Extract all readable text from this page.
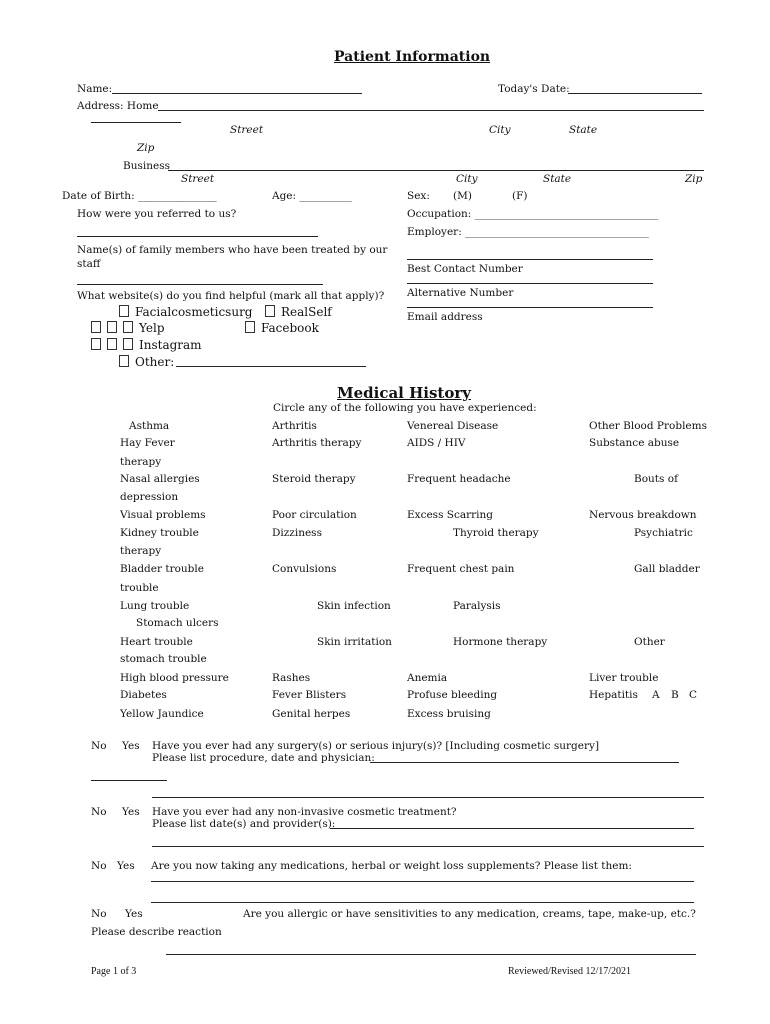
Patient Information
Name:	Today's Date:
Address: Home
Street	City	State
Zip
Business
Street	City	State	Zip
Date of Birth: _______________	Age: __________	Sex: (M)	(F)
How were you referred to us?	Occupation: ___________________________________
Employer: ___________________________________
Name(s) of family members who have been treated by our
staff	Best Contact Number
Alternative Number
What website(s) do you find helpful (mark all that apply)?
Email address
Facialcosmeticsurg	RealSelf
Yelp	Facebook
Instagram
Other:
Medical History
Circle any of the following you have experienced:
Asthma	Arthritis	Venereal Disease	Other Blood Problems
Hay Fever	Arthritis therapy	AIDS / HIV	Substance abuse
therapy
Nasal allergies	Steroid therapy	Frequent headache	Bouts of
depression
Visual problems	Poor circulation	Excess Scarring	Nervous breakdown
Kidney trouble	Dizziness	Thyroid therapy	Psychiatric
therapy
Bladder trouble	Convulsions	Frequent chest pain	Gall bladder
trouble
Lung trouble	Skin infection	Paralysis
Stomach ulcers
Heart trouble	Skin irritation	Hormone therapy	Other
stomach trouble
High blood pressure	Rashes	Anemia	Liver trouble
Diabetes	Fever Blisters	Profuse bleeding	Hepatitis A B C
Yellow Jaundice	Genital herpes	Excess bruising
No Yes Have you ever had any surgery(s) or serious injury(s)? [Including cosmetic surgery]
Please list procedure, date and physician:
No Yes Have you ever had any non-invasive cosmetic treatment?
Please list date(s) and provider(s):
No Yes Are you now taking any medications, herbal or weight loss supplements? Please list them:
No Yes	Are you allergic or have sensitivities to any medication, creams, tape, make-up, etc.?
Please describe reaction
Page 1 of 3	Reviewed/Revised 12/17/2021
